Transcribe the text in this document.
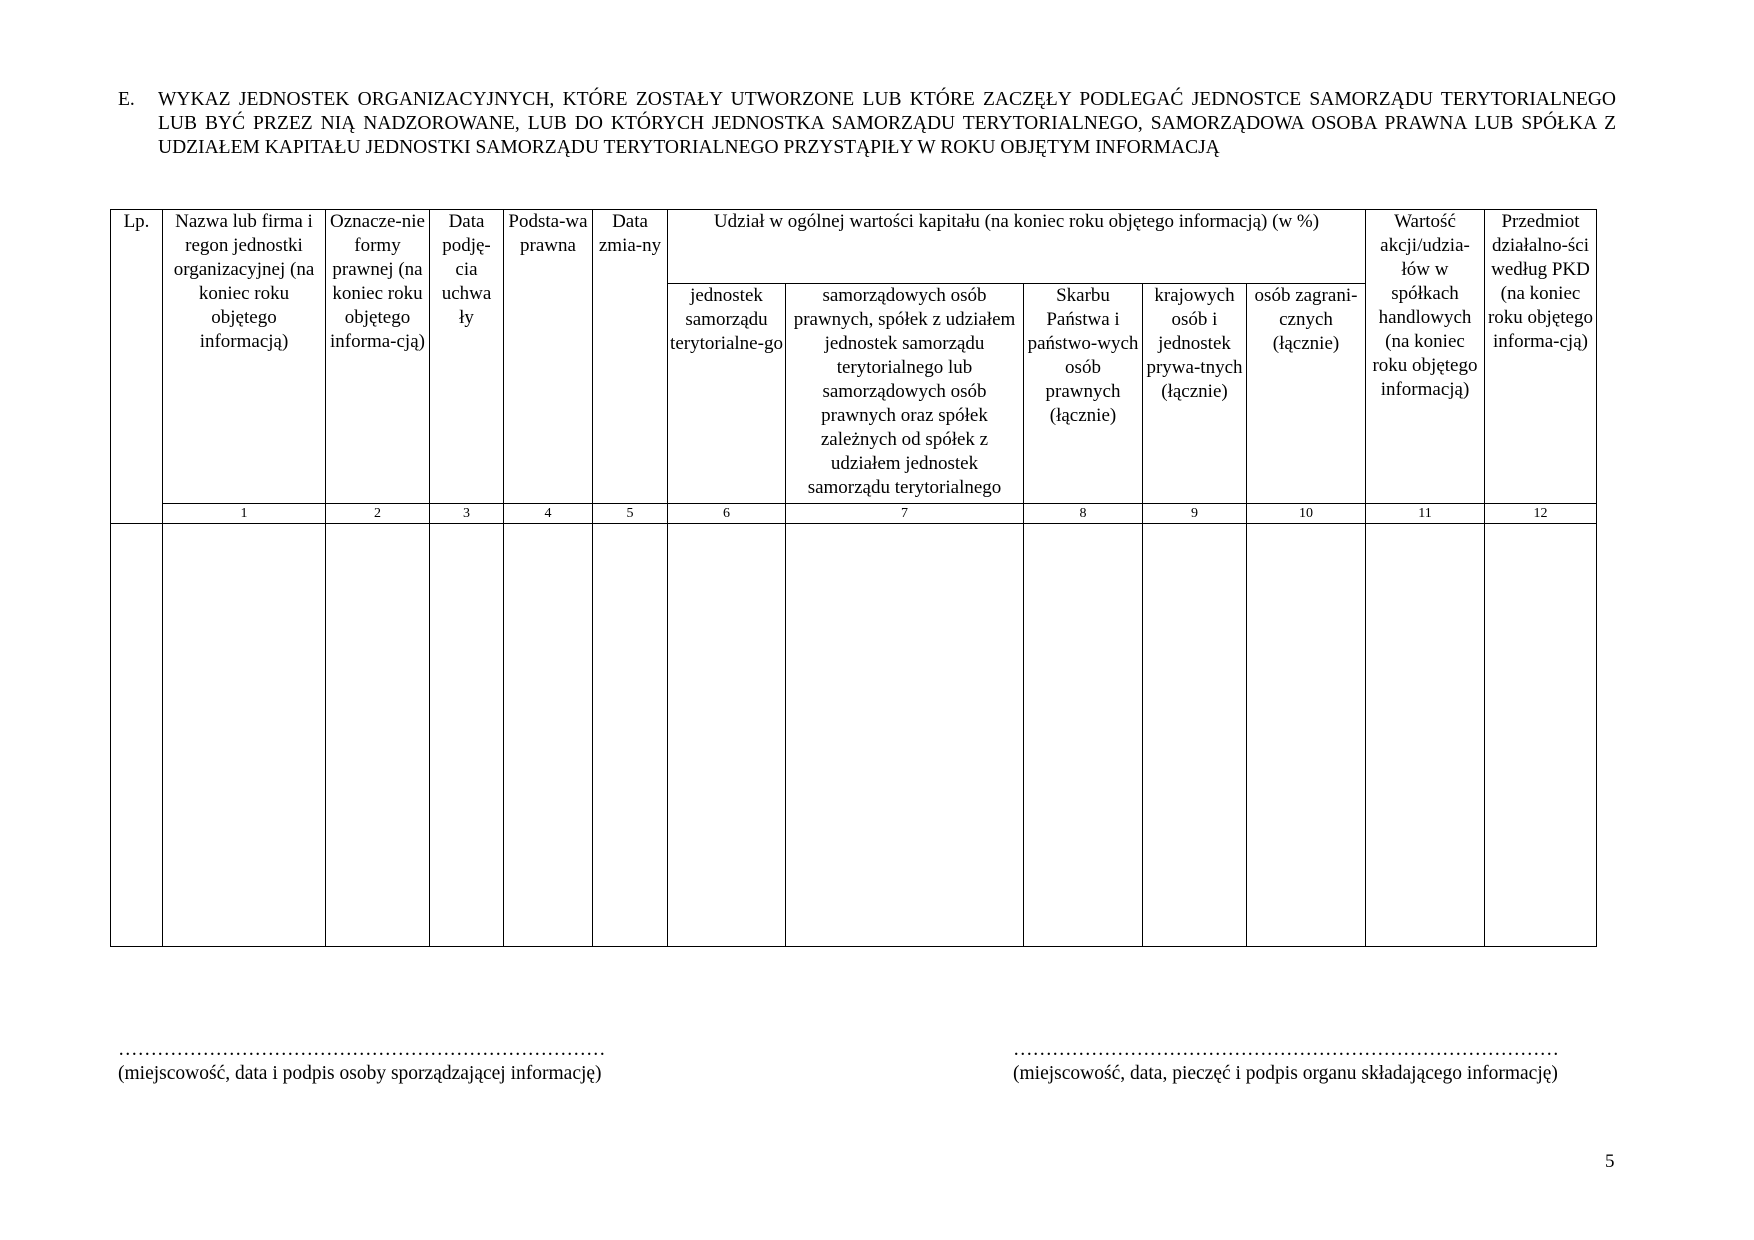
E. WYKAZ JEDNOSTEK ORGANIZACYJNYCH, KTÓRE ZOSTAŁY UTWORZONE LUB KTÓRE ZACZĘŁY PODLEGAĆ JEDNOSTCE SAMORZĄDU TERYTORIALNEGO LUB BYĆ PRZEZ NIĄ NADZOROWANE, LUB DO KTÓRYCH JEDNOSTKA SAMORZĄDU TERYTORIALNEGO, SAMORZĄDOWA OSOBA PRAWNA LUB SPÓŁKA Z UDZIAŁEM KAPITAŁU JEDNOSTKI SAMORZĄDU TERYTORIALNEGO PRZYSTĄPIŁY W ROKU OBJĘTYM INFORMACJĄ
Lp.	Nazwa lub firma i regon jednostki organizacyjnej (na koniec roku objętego informacją)	Oznacze-nie formy prawnej (na koniec roku objętego informa-cją)	Data podję-cia uchwa ły	Podsta-wa prawna	Data zmia-ny	Udział w ogólnej wartości kapitału (na koniec roku objętego informacją) (w %)					Wartość akcji/udzia-łów w spółkach handlowych (na koniec roku objętego informacją)	Przedmiot działalno-ści według PKD (na koniec roku objętego informa-cją)
						jednostek samorządu terytorialne-go	samorządowych osób prawnych, spółek z udziałem jednostek samorządu terytorialnego lub samorządowych osób prawnych oraz spółek zależnych od spółek z udziałem jednostek samorządu terytorialnego	Skarbu Państwa i państwo-wych osób prawnych (łącznie)	krajowych osób i jednostek prywa-tnych (łącznie)	osób zagrani-cznych (łącznie)		
	1	2	3	4	5	6	7	8	9	10	11	12

…………………………………………………………………
(miejscowość, data i podpis osoby sporządzającej informację)
…………………………………………………………………………
(miejscowość, data, pieczęć i podpis organu składającego informację)
5
